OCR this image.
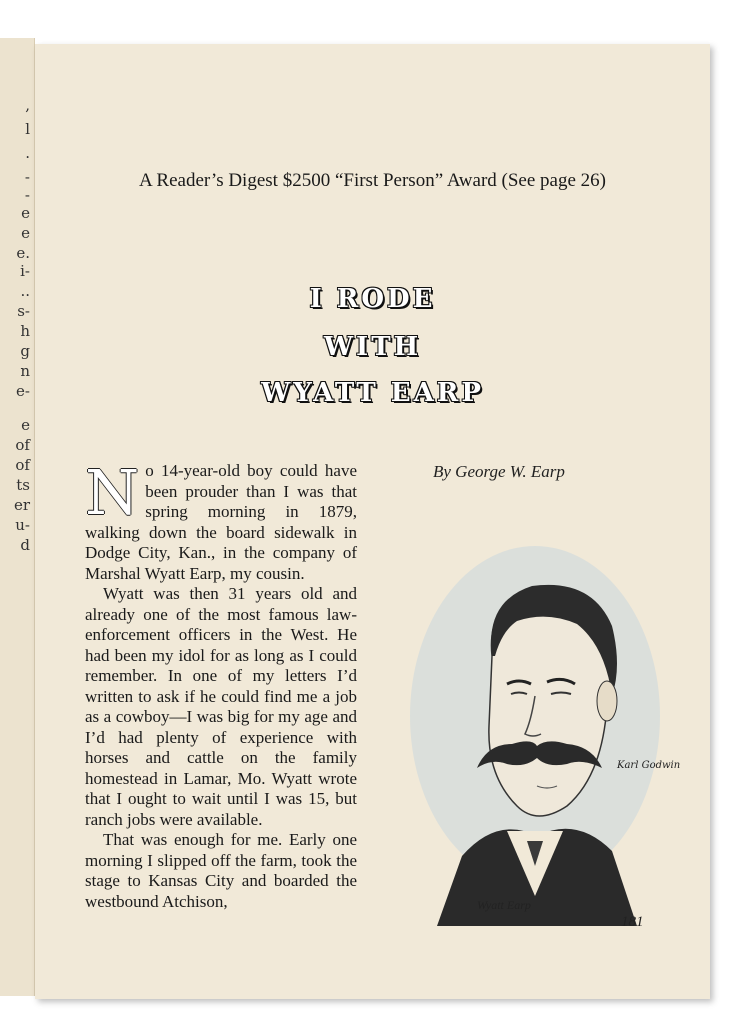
,
l
.
-
-
e
e
e.
i-
..
s-
h
g
n
e-
e
of
of
ts
er
u-
d
A Reader’s Digest $2500 “First Person” Award (See page 26)
I RODE
WITH
WYATT EARP

No 14-year-old boy could have been prouder than I was that spring morning in 1879, walking down the board sidewalk in Dodge City, Kan., in the company of Marshal Wyatt Earp, my cousin.

Wyatt was then 31 years old and already one of the most famous law-enforcement officers in the West. He had been my idol for as long as I could remember. In one of my letters I’d written to ask if he could find me a job as a cowboy—I was big for my age and I’d had plenty of experience with horses and cattle on the family homestead in Lamar, Mo. Wyatt wrote that I ought to wait until I was 15, but ranch jobs were available.

That was enough for me. Early one morning I slipped off the farm, took the stage to Kansas City and boarded the westbound Atchison,

By George W. Earp
Karl Godwin
Wyatt Earp
181
